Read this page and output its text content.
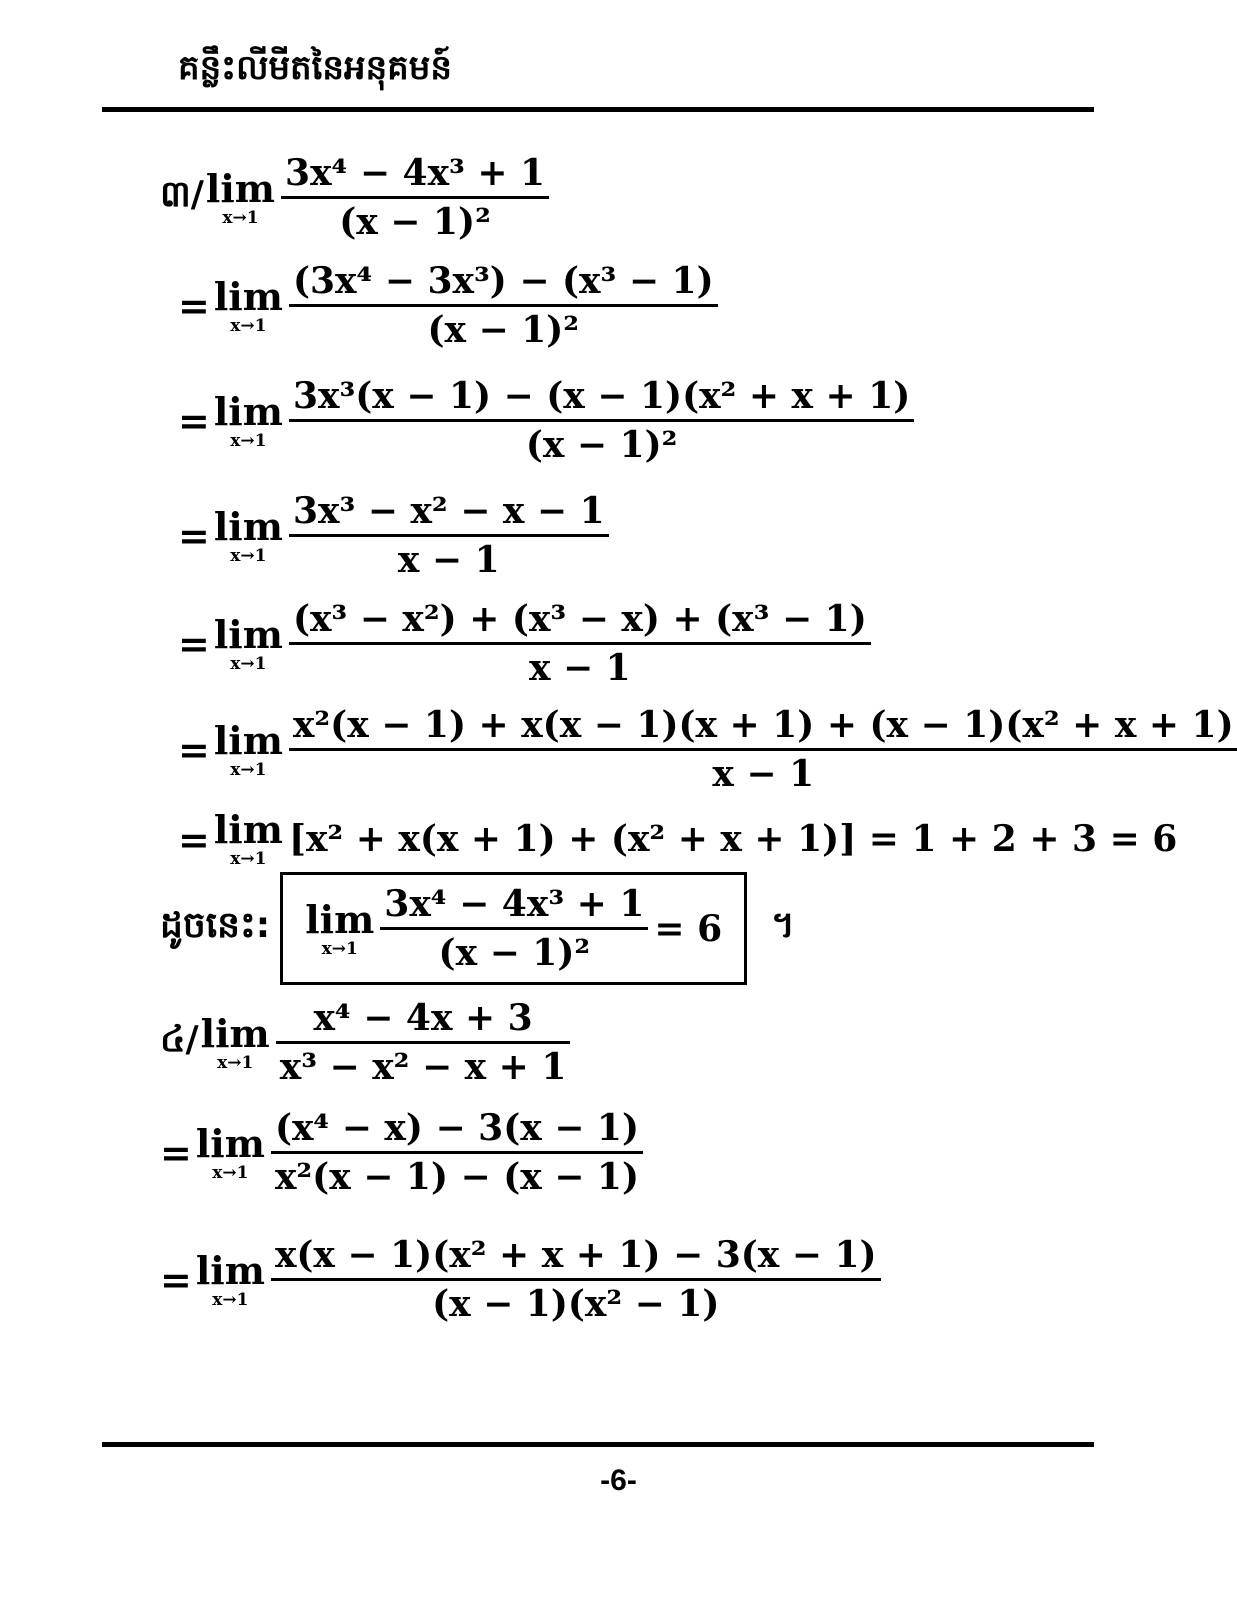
គន្លឹះលីមីតនៃអនុគមន៍
៣/ lim
$x\to 1 \frac{\text{3x⁴ − 4x³ + 1}}{\text{(x − 1)²}}$
= lim
$x\to 1 \frac{\text{(3x⁴ − 3x³) − (x³ − 1)}}{\text{(x − 1)²}}$
= lim
$x\to 1 \frac{\text{3x³(x − 1) − (x − 1)(x² + x + 1)}}{\text{(x − 1)²}}$
= lim
$x\to 1 \frac{\text{3x³ − x² − x − 1}}{x - 1}$
= lim
$x\to 1 \frac{\text{(x³ − x²) + (x³ − x) + (x³ − 1)}}{x - 1}$
= lim
$x\to 1 \frac{\text{x²(x − 1) + x(x − 1)(x + 1) + (x − 1)(x² + x + 1)}}{x - 1}$
= lim
x→1 [x² + x(x + 1) + (x² + x + 1)] = 1 + 2 + 3 = 6
ដូចនេះ: lim
$x\to 1 \frac{\text{3x⁴ − 4x³ + 1}}{\text{(x − 1)²}} = 6$ ។
៤/ lim
$x\to 1 \frac{\text{x⁴ − 4x + 3}}{\text{x³ − x² − x + 1}}$
= lim
$x\to 1 \frac{\text{(x⁴ − x) − 3(x − 1)}}{\text{x²(x − 1) − (x − 1)}}$
= lim
$x\to 1 \frac{\text{x(x − 1)(x² + x + 1) − 3(x − 1)}}{\text{(x − 1)(x² − 1)}}$
-6-
